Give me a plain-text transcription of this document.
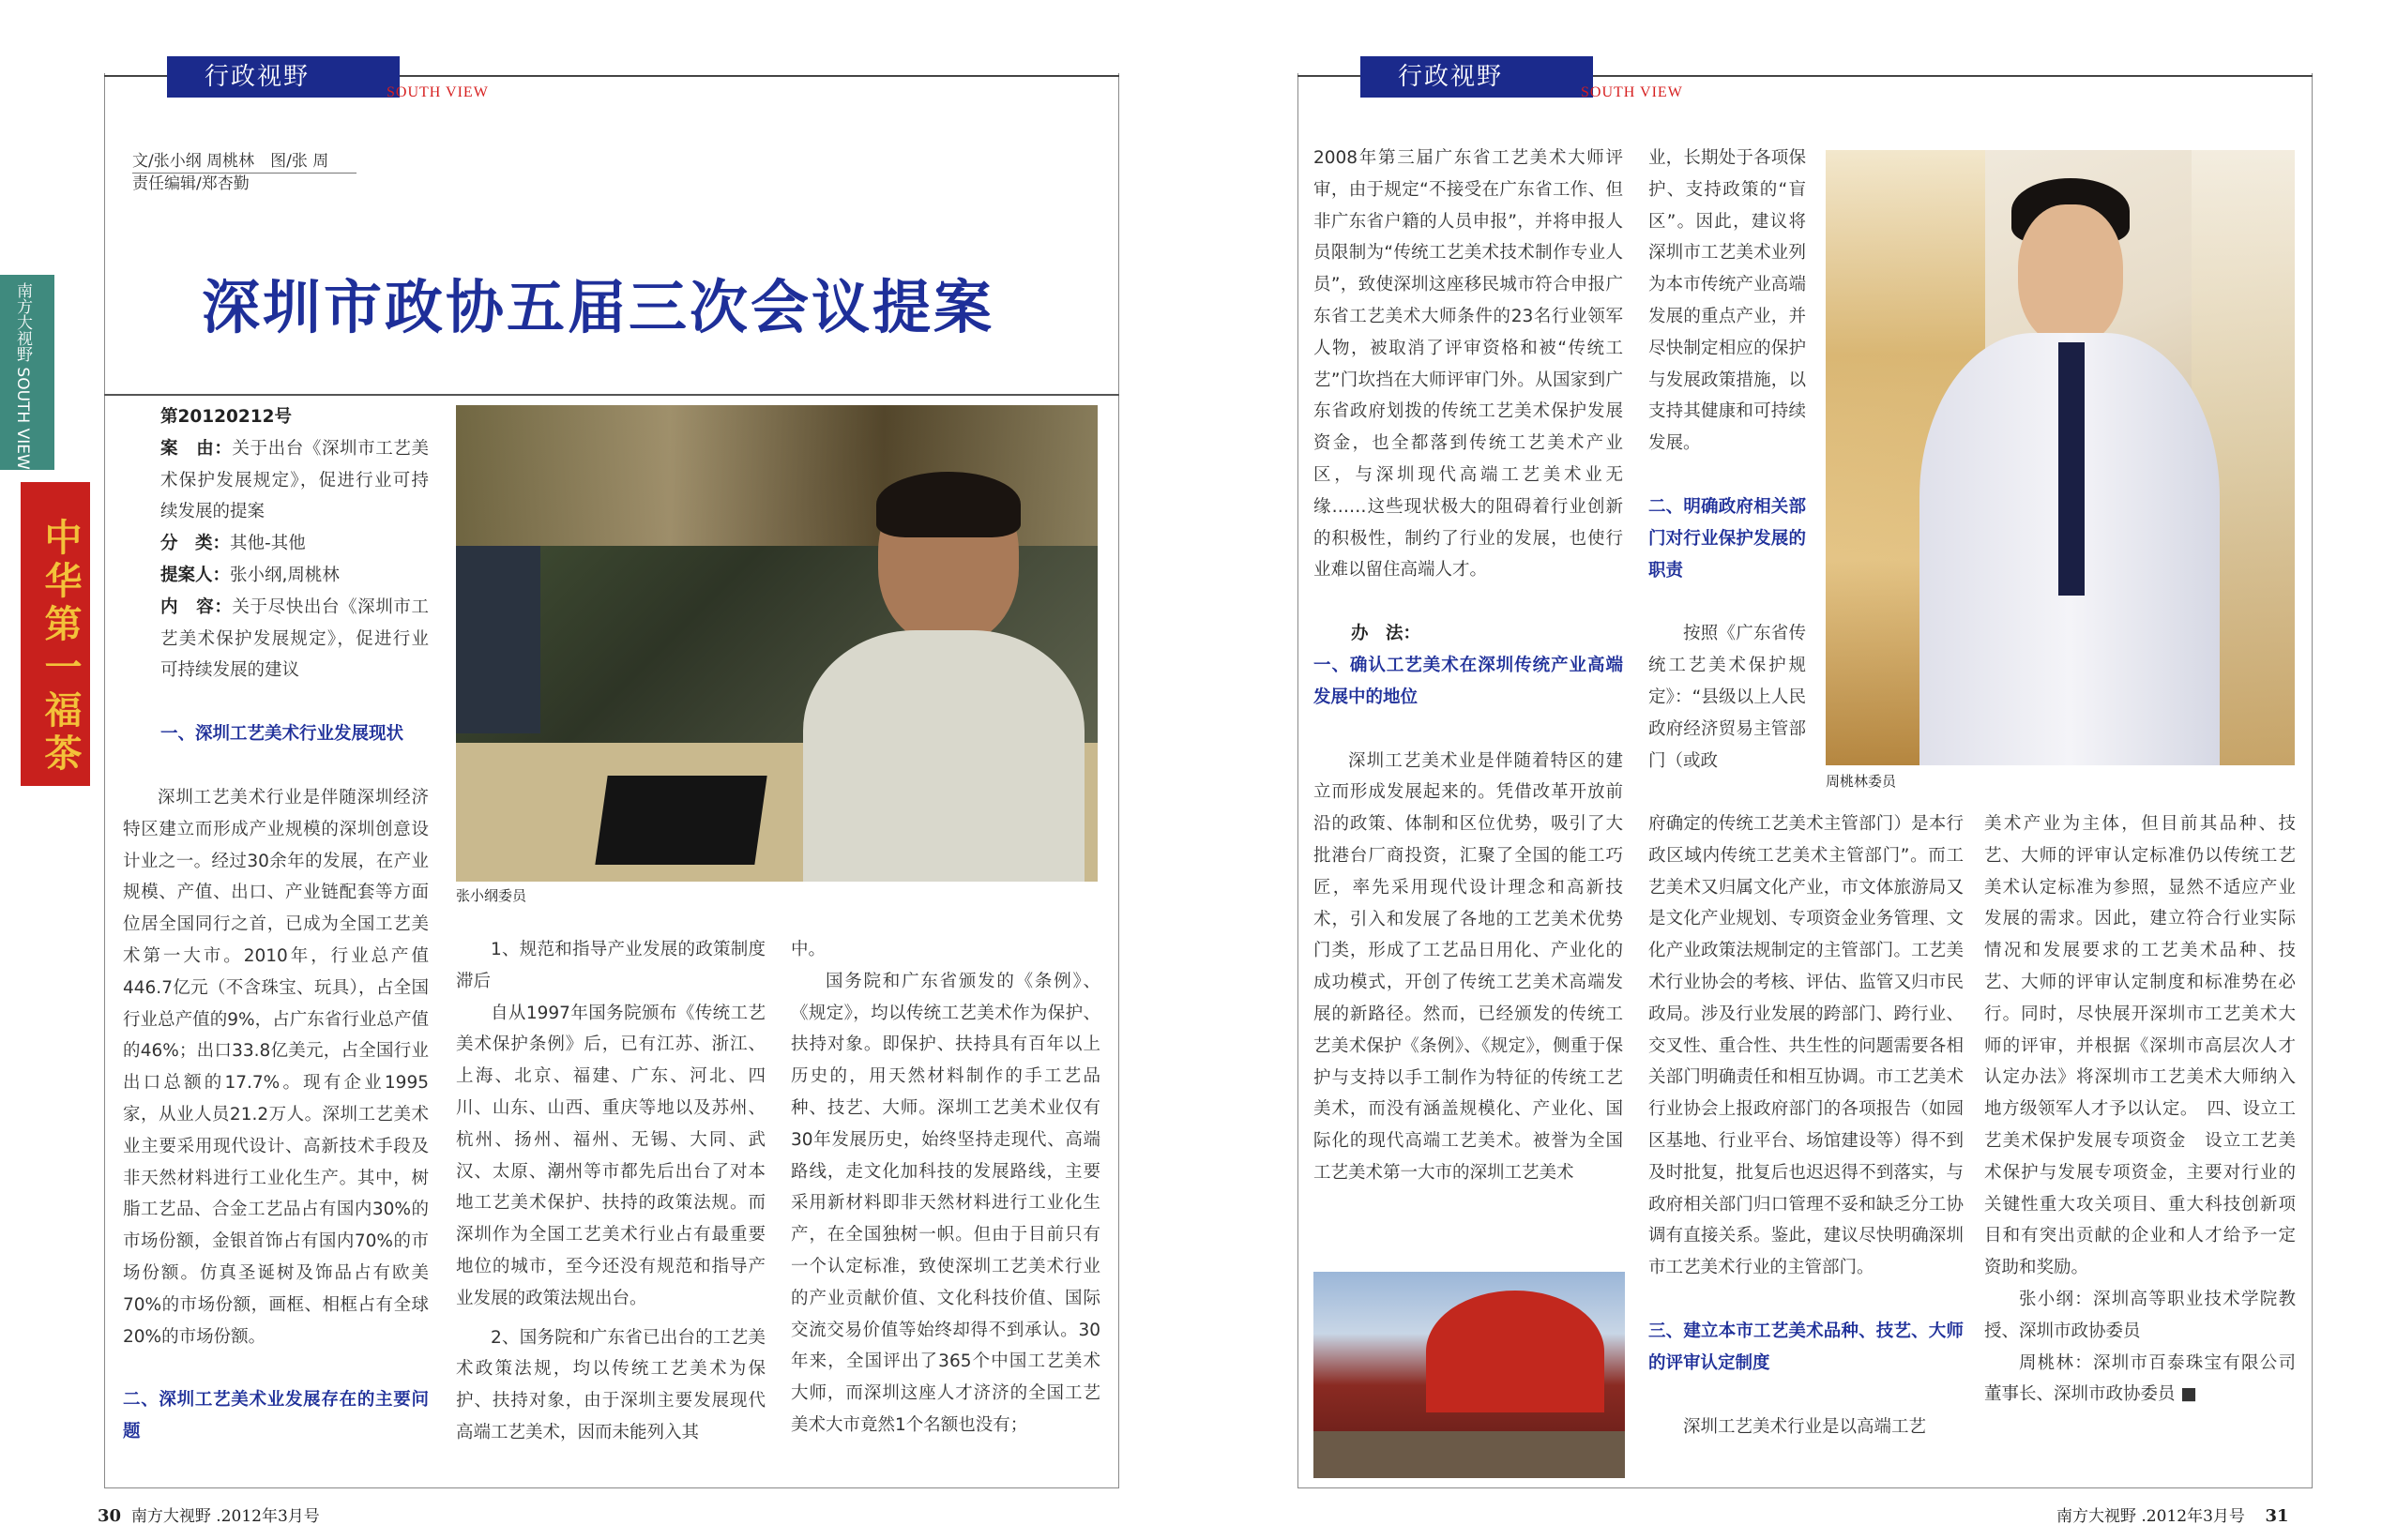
行政视野
SOUTH VIEW
文/张小纲 周桃林　图/张 周
责任编辑/郑杏勤
深圳市政协五届三次会议提案

第20120212号

案　由：关于出台《深圳市工艺美术保护发展规定》，促进行业可持续发展的提案

分　类：其他-其他

提案人：张小纲,周桃林

内　容：关于尽快出台《深圳市工艺美术保护发展规定》，促进行业可持续发展的建议

一、深圳工艺美术行业发展现状

深圳工艺美术行业是伴随深圳经济特区建立而形成产业规模的深圳创意设计业之一。经过30余年的发展，在产业规模、产值、出口、产业链配套等方面位居全国同行之首，已成为全国工艺美术第一大市。2010年，行业总产值446.7亿元（不含珠宝、玩具），占全国行业总产值的9%，占广东省行业总产值的46%；出口33.8亿美元，占全国行业出口总额的17.7%。现有企业1995家，从业人员21.2万人。深圳工艺美术业主要采用现代设计、高新技术手段及非天然材料进行工业化生产。其中，树脂工艺品、合金工艺品占有国内30%的市场份额，金银首饰占有国内70%的市场份额。仿真圣诞树及饰品占有欧美70%的市场份额，画框、相框占有全球20%的市场份额。

二、深圳工艺美术业发展存在的主要问题

张小纲委员

1、规范和指导产业发展的政策制度滞后

自从1997年国务院颁布《传统工艺美术保护条例》后，已有江苏、浙江、上海、北京、福建、广东、河北、四川、山东、山西、重庆等地以及苏州、杭州、扬州、福州、无锡、大同、武汉、太原、潮州等市都先后出台了对本地工艺美术保护、扶持的政策法规。而深圳作为全国工艺美术行业占有最重要地位的城市，至今还没有规范和指导产业发展的政策法规出台。

2、国务院和广东省已出台的工艺美术政策法规，均以传统工艺美术为保护、扶持对象，由于深圳主要发展现代高端工艺美术，因而未能列入其

中。

国务院和广东省颁发的《条例》、《规定》，均以传统工艺美术作为保护、扶持对象。即保护、扶持具有百年以上历史的，用天然材料制作的手工艺品种、技艺、大师。深圳工艺美术业仅有30年发展历史，始终坚持走现代、高端路线，走文化加科技的发展路线，主要采用新材料即非天然材料进行工业化生产，在全国独树一帜。但由于目前只有一个认定标准，致使深圳工艺美术行业的产业贡献价值、文化科技价值、国际交流交易价值等始终却得不到承认。30年来，全国评出了365个中国工艺美术大师，而深圳这座人才济济的全国工艺美术大市竟然1个名额也没有；

30 南方大视野 .2012年3月号
南方大视野 SOUTH VIEW
中华第一福茶
行政视野
SOUTH VIEW

2008年第三届广东省工艺美术大师评审，由于规定“不接受在广东省工作、但非广东省户籍的人员申报”，并将申报人员限制为“传统工艺美术技术制作专业人员”，致使深圳这座移民城市符合申报广东省工艺美术大师条件的23名行业领军人物，被取消了评审资格和被“传统工艺”门坎挡在大师评审门外。从国家到广东省政府划拨的传统工艺美术保护发展资金，也全都落到传统工艺美术产业区，与深圳现代高端工艺美术业无缘……这些现状极大的阻碍着行业创新的积极性，制约了行业的发展，也使行业难以留住高端人才。

办　法：

一、确认工艺美术在深圳传统产业高端发展中的地位

深圳工艺美术业是伴随着特区的建立而形成发展起来的。凭借改革开放前沿的政策、体制和区位优势，吸引了大批港台厂商投资，汇聚了全国的能工巧匠，率先采用现代设计理念和高新技术，引入和发展了各地的工艺美术优势门类，形成了工艺品日用化、产业化的成功模式，开创了传统工艺美术高端发展的新路径。然而，已经颁发的传统工艺美术保护《条例》、《规定》，侧重于保护与支持以手工制作为特征的传统工艺美术，而没有涵盖规模化、产业化、国际化的现代高端工艺美术。被誉为全国工艺美术第一大市的深圳工艺美术

业，长期处于各项保护、支持政策的“盲区”。因此，建议将深圳市工艺美术业列为本市传统产业高端发展的重点产业，并尽快制定相应的保护与发展政策措施，以支持其健康和可持续发展。

二、明确政府相关部门对行业保护发展的职责

按照《广东省传统工艺美术保护规定》：“县级以上人民政府经济贸易主管部门（或政

府确定的传统工艺美术主管部门）是本行政区域内传统工艺美术主管部门”。而工艺美术又归属文化产业，市文体旅游局又是文化产业规划、专项资金业务管理、文化产业政策法规制定的主管部门。工艺美术行业协会的考核、评估、监管又归市民政局。涉及行业发展的跨部门、跨行业、交叉性、重合性、共生性的问题需要各相关部门明确责任和相互协调。市工艺美术行业协会上报政府部门的各项报告（如园区基地、行业平台、场馆建设等）得不到及时批复，批复后也迟迟得不到落实，与政府相关部门归口管理不妥和缺乏分工协调有直接关系。鉴此，建议尽快明确深圳市工艺美术行业的主管部门。

三、建立本市工艺美术品种、技艺、大师的评审认定制度

深圳工艺美术行业是以高端工艺

周桃林委员

美术产业为主体，但目前其品种、技艺、大师的评审认定标准仍以传统工艺美术认定标准为参照，显然不适应产业发展的需求。因此，建立符合行业实际情况和发展要求的工艺美术品种、技艺、大师的评审认定制度和标准势在必行。同时，尽快展开深圳市工艺美术大师的评审，并根据《深圳市高层次人才认定办法》将深圳市工艺美术大师纳入地方级领军人才予以认定。　四、设立工艺美术保护发展专项资金　设立工艺美术保护与发展专项资金，主要对行业的关键性重大攻关项目、重大科技创新项目和有突出贡献的企业和人才给予一定资助和奖励。

张小纲：深圳高等职业技术学院教授、深圳市政协委员

周桃林：深圳市百泰珠宝有限公司董事长、深圳市政协委员 ■

南方大视野 .2012年3月号 31
